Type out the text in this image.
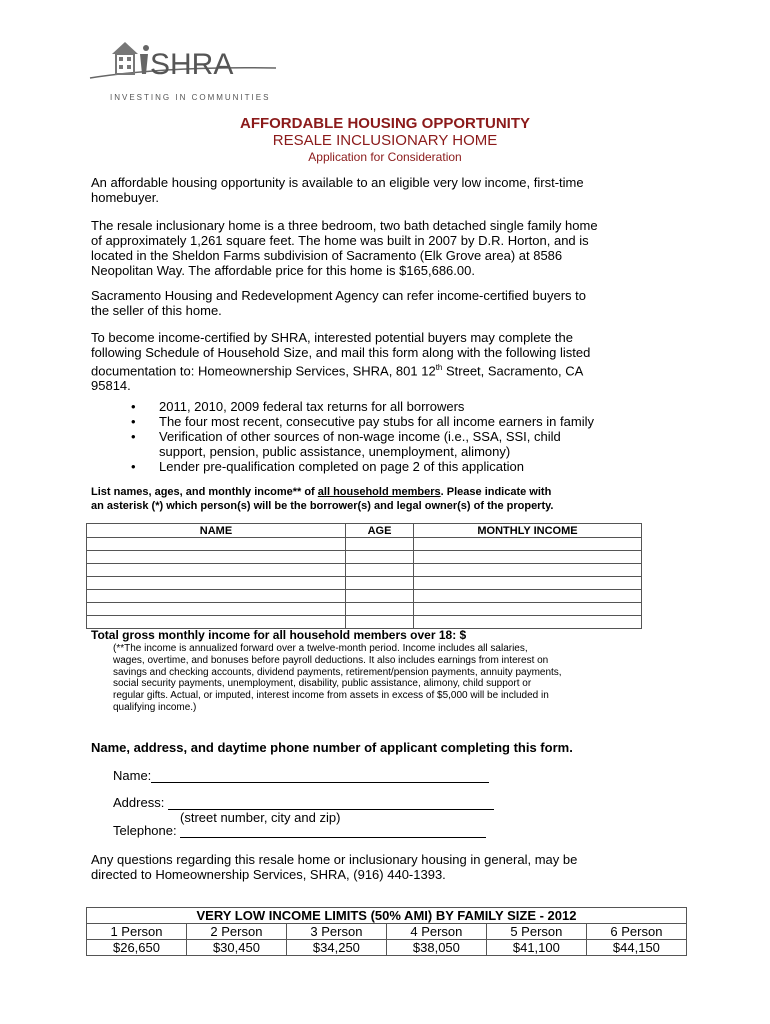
SHRA
INVESTING IN COMMUNITIES
AFFORDABLE HOUSING OPPORTUNITY
RESALE INCLUSIONARY HOME
Application for Consideration
An affordable housing opportunity is available to an eligible very low income, first-time
homebuyer.
The resale inclusionary home is a three bedroom, two bath detached single family home
of approximately 1,261 square feet. The home was built in 2007 by D.R. Horton, and is
located in the Sheldon Farms subdivision of Sacramento (Elk Grove area) at 8586
Neopolitan Way. The affordable price for this home is $165,686.00.
Sacramento Housing and Redevelopment Agency can refer income-certified buyers to
the seller of this home.
To become income-certified by SHRA, interested potential buyers may complete the
following Schedule of Household Size, and mail this form along with the following listed
documentation to: Homeownership Services, SHRA, 801 12th Street, Sacramento, CA
95814.
• 2011, 2010, 2009 federal tax returns for all borrowers
• The four most recent, consecutive pay stubs for all income earners in family
• Verification of other sources of non-wage income (i.e., SSA, SSI, child
support, pension, public assistance, unemployment, alimony)
• Lender pre-qualification completed on page 2 of this application
List names, ages, and monthly income** of all household members. Please indicate with
an asterisk (*) which person(s) will be the borrower(s) and legal owner(s) of the property.
NAME	AGE	MONTHLY INCOME

Total gross monthly income for all household members over 18: $
(**The income is annualized forward over a twelve-month period. Income includes all salaries,
wages, overtime, and bonuses before payroll deductions. It also includes earnings from interest on
savings and checking accounts, dividend payments, retirement/pension payments, annuity payments,
social security payments, unemployment, disability, public assistance, alimony, child support or
regular gifts. Actual, or imputed, interest income from assets in excess of $5,000 will be included in
qualifying income.)
Name, address, and daytime phone number of applicant completing this form.
Name:
Address:
(street number, city and zip)
Telephone:
Any questions regarding this resale home or inclusionary housing in general, may be
directed to Homeownership Services, SHRA, (916) 440-1393.
VERY LOW INCOME LIMITS (50% AMI) BY FAMILY SIZE - 2012					
1 Person	2 Person	3 Person	4 Person	5 Person	6 Person
$26,650	$30,450	$34,250	$38,050	$41,100	$44,150
